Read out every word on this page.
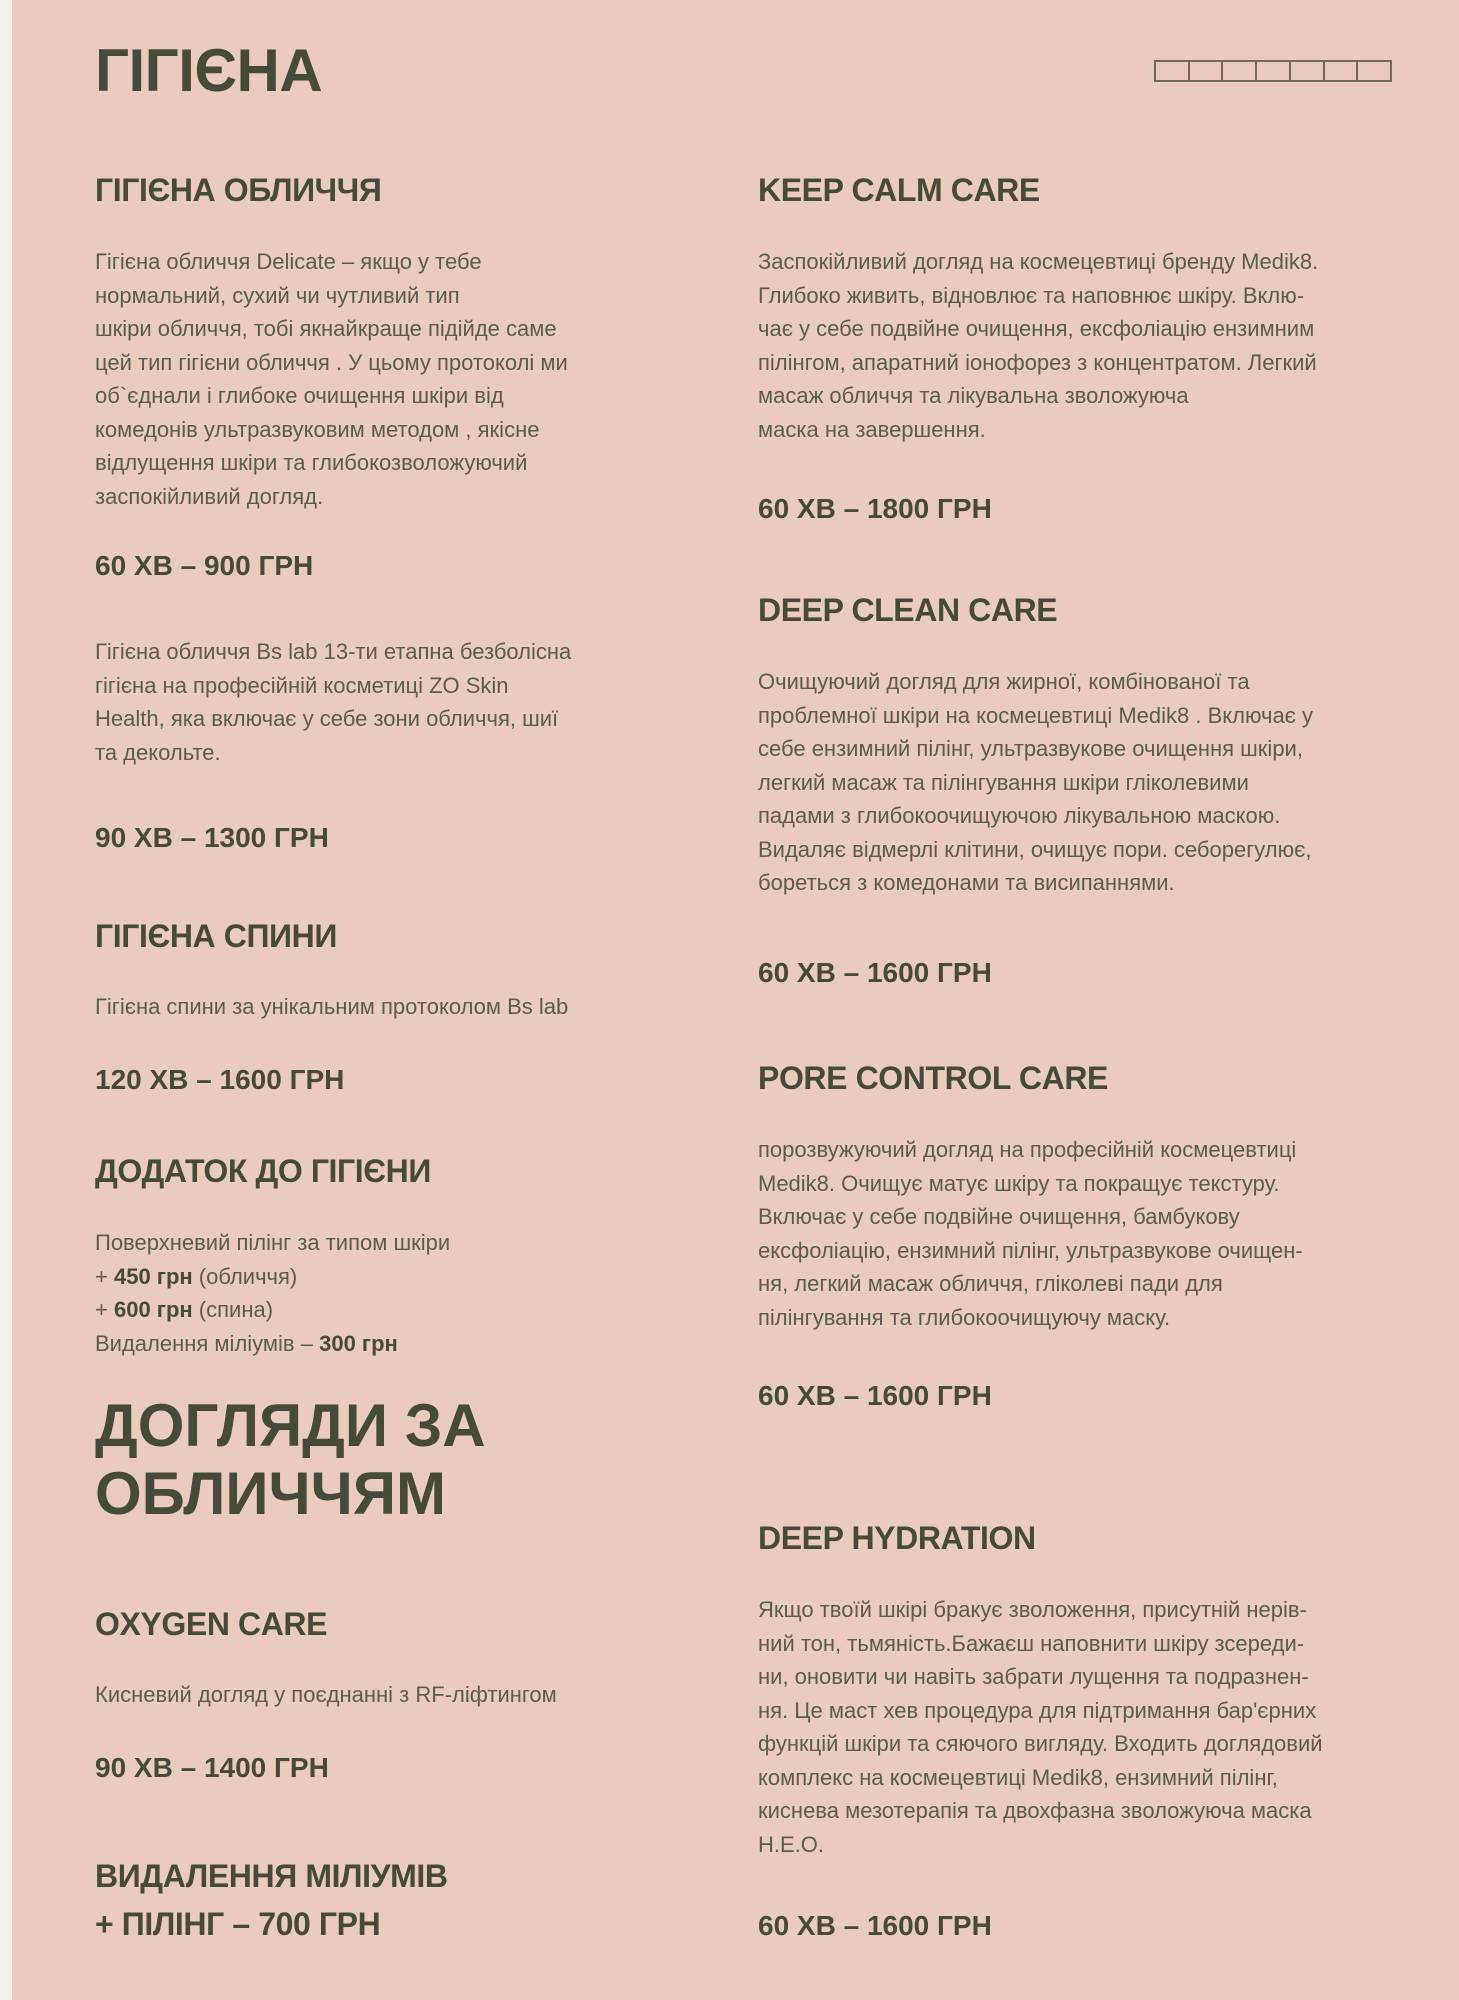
ГІГІЄНА
ГІГІЄНА ОБЛИЧЧЯ

Гігієна обличчя Delicate – якщо у тебе
нормальний, сухий чи чутливий тип
шкіри обличчя, тобі якнайкраще підійде саме
цей тип гігієни обличчя . У цьому протоколі ми
об`єднали і глибоке очищення шкіри від
комедонів ультразвуковим методом , якісне
відлущення шкіри та глибокозволожуючий
заспокійливий догляд.

60 ХВ – 900 ГРН

Гігієна обличчя Bs lab 13-ти етапна безболісна
гігієна на професійній косметиці ZO Skin
Health, яка включає у себе зони обличчя, шиї
та декольте.

90 ХВ – 1300 ГРН
ГІГІЄНА СПИНИ

Гігієна спини за унікальним протоколом Bs lab

120 ХВ – 1600 ГРН
ДОДАТОК ДО ГІГІЄНИ
Поверхневий пілінг за типом шкіри
+ 450 грн (обличчя)
+ 600 грн (спина)
Видалення міліумів – 300 грн
ДОГЛЯДИ ЗА
ОБЛИЧЧЯМ
OXYGEN CARE

Кисневий догляд у поєднанні з RF-ліфтингом

90 ХВ – 1400 ГРН
ВИДАЛЕННЯ МІЛІУМІВ
+ ПІЛІНГ – 700 ГРН
KEEP CALM CARE

Заспокійливий догляд на космецевтиці бренду Medik8.
Глибоко живить, відновлює та наповнює шкіру. Вклю-
чає у себе подвійне очищення, ексфоліацію ензимним
пілінгом, апаратний іонофорез з концентратом. Легкий
масаж обличчя та лікувальна зволожуюча
маска на завершення.

60 ХВ – 1800 ГРН
DEEP CLEAN CARE

Очищуючий догляд для жирної, комбінованої та
проблемної шкіри на космецевтиці Medik8 . Включає у
себе ензимний пілінг, ультразвукове очищення шкіри,
легкий масаж та пілінгування шкіри гліколевими
падами з глибокоочищуючою лікувальною маскою.
Видаляє відмерлі клітини, очищує пори. себорегулює,
бореться з комедонами та висипаннями.

60 ХВ – 1600 ГРН
PORE CONTROL CARE

порозвужуючий догляд на професійній космецевтиці
Medik8. Очищує матує шкіру та покращує текстуру.
Включає у себе подвійне очищення, бамбукову
ексфоліацію, ензимний пілінг, ультразвукове очищен-
ня, легкий масаж обличчя, гліколеві пади для
пілінгування та глибокоочищуючу маску.

60 ХВ – 1600 ГРН
DEEP HYDRATION

Якщо твоїй шкірі бракує зволоження, присутній нерів-
ний тон, тьмяність.Бажаєш наповнити шкіру зсереди-
ни, оновити чи навіть забрати лущення та подразнен-
ня. Це маст хев процедура для підтримання бар'єрних
функцій шкіри та сяючого вигляду. Входить доглядовий
комплекс на космецевтиці Medik8, ензимний пілінг,
киснева мезотерапія та двохфазна зволожуюча маска
H.E.O.

60 ХВ – 1600 ГРН
